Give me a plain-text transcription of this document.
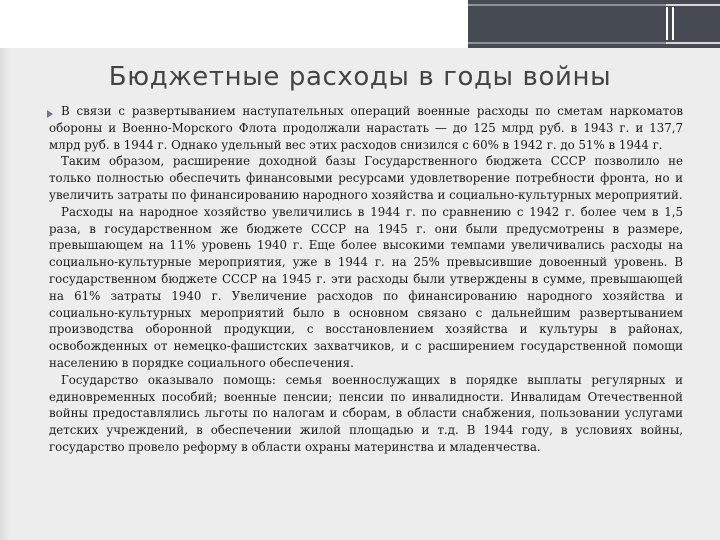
Бюджетные расходы в годы войны

В связи с развертыванием наступательных операций военные расходы по сметам наркоматов обороны и Военно-Морского Флота продолжали нарастать — до 125 млрд руб. в 1943 г. и 137,7 млрд руб. в 1944 г. Однако удельный вес этих расходов снизился с 60% в 1942 г. до 51% в 1944 г.

Таким образом, расширение доходной базы Государственного бюджета СССР позволило не только полностью обеспечить финансовыми ресурсами удовлетворение потребности фронта, но и увеличить затраты по финансированию народного хозяйства и социально-культурных мероприятий.

Расходы на народное хозяйство увеличились в 1944 г. по сравнению с 1942 г. более чем в 1,5 раза, в государственном же бюджете СССР на 1945 г. они были предусмотрены в размере, превышающем на 11% уровень 1940 г. Еще более высокими темпами увеличивались расходы на социально-культурные мероприятия, уже в 1944 г. на 25% превысившие довоенный уровень. В государственном бюджете СССР на 1945 г. эти расходы были утверждены в сумме, превышающей на 61% затраты 1940 г. Увеличение расходов по финансированию народного хозяйства и социально-культурных мероприятий было в основном связано с дальнейшим развертыванием производства оборонной продукции, с восстановлением хозяйства и культуры в районах, освобожденных от немецко-фашистских захватчиков, и с расширением государственной помощи населению в порядке социального обеспечения.

Государство оказывало помощь: семья военнослужащих в порядке выплаты регулярных и единовременных пособий; военные пенсии; пенсии по инвалидности. Инвалидам Отечественной войны предоставлялись льготы по налогам и сборам, в области снабжения, пользовании услугами детских учреждений, в обеспечении жилой площадью и т.д. В 1944 году, в условиях войны, государство провело реформу в области охраны материнства и младенчества.
